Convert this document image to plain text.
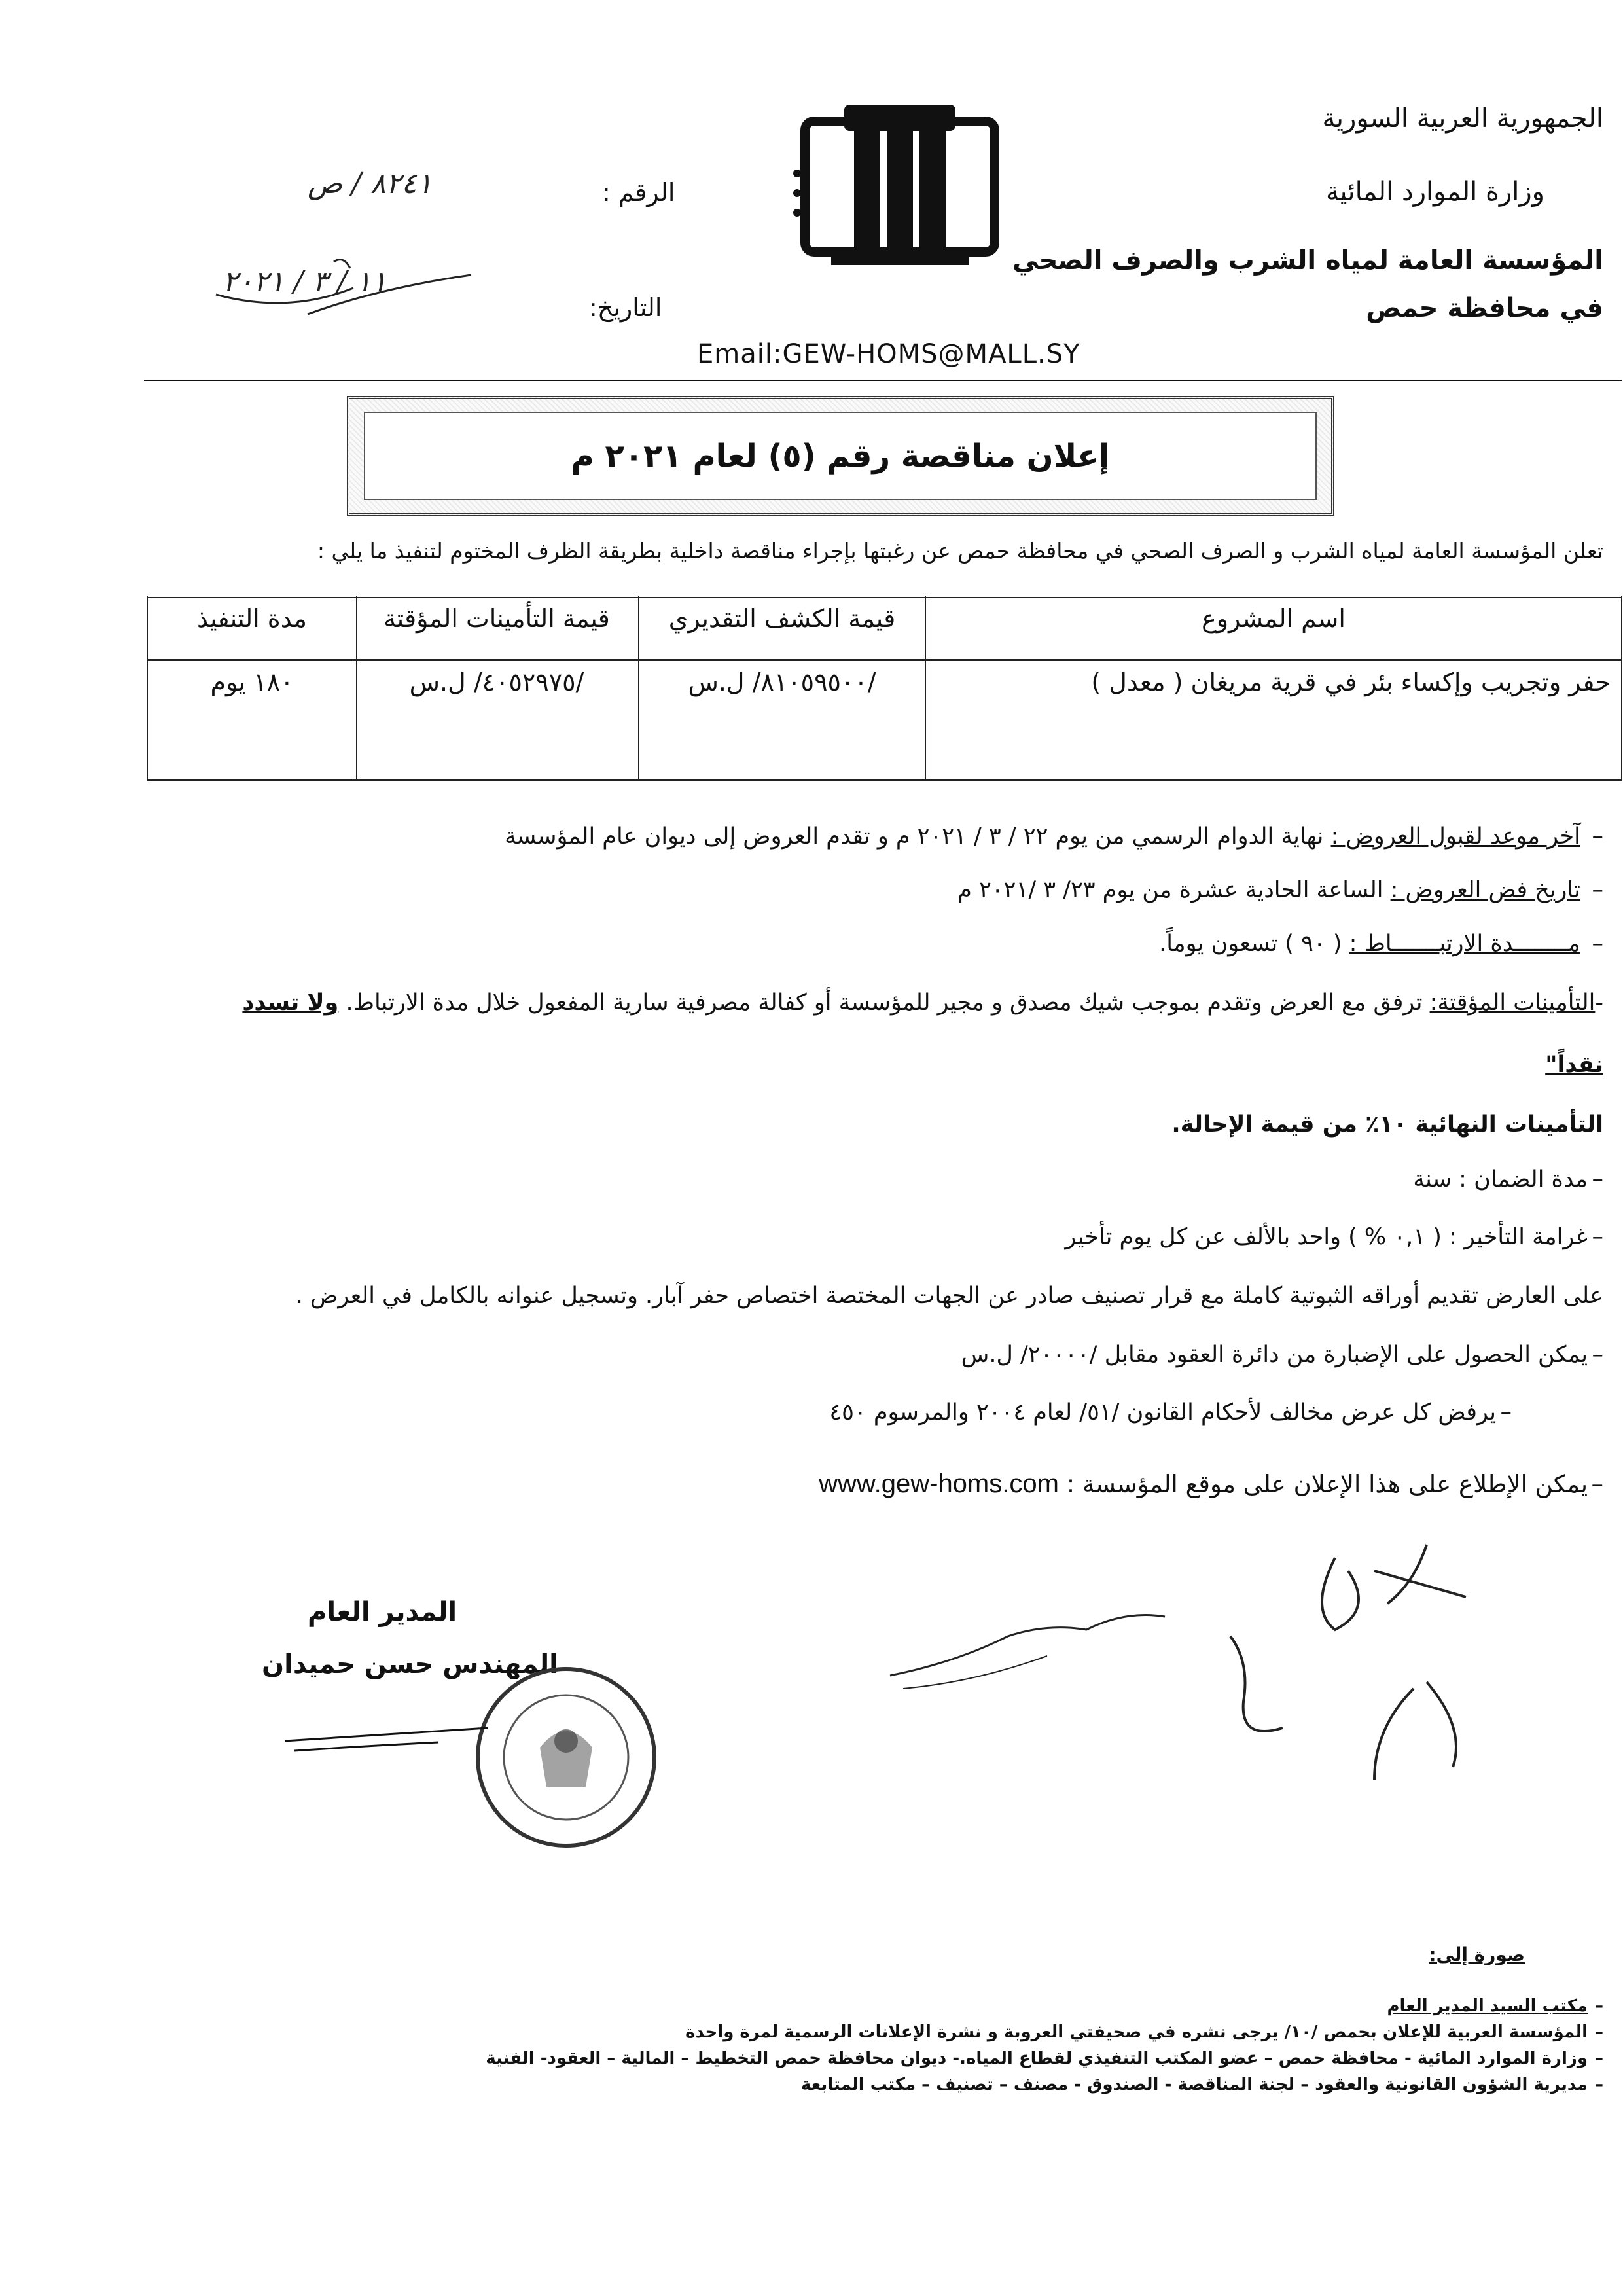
الجمهورية العربية السورية
وزارة الموارد المائية
المؤسسة العامة لمياه الشرب والصرف الصحي
في محافظة حمص
الرقم :
٨٢٤١ / ص
التاريخ:
١١ / ٣ / ٢٠٢١
Email:GEW-HOMS@MALL.SY
إعلان مناقصة رقم (٥) لعام ٢٠٢١ م
تعلن المؤسسة العامة لمياه الشرب و الصرف الصحي في محافظة حمص عن رغبتها بإجراء مناقصة داخلية بطريقة الظرف المختوم لتنفيذ ما يلي :
اسم المشروع	قيمة الكشف التقديري	قيمة التأمينات المؤقتة	مدة التنفيذ
حفر وتجريب وإكساء بئر في قرية مريغان ( معدل )	/٨١٠٥٩٥٠٠/ ل.س	/٤٠٥٢٩٧٥/ ل.س	١٨٠ يوم
– آخر موعد لقبول العروض : نهاية الدوام الرسمي من يوم ٢٢ / ٣ / ٢٠٢١ م و تقدم العروض إلى ديوان عام المؤسسة
– تاريخ فض العروض : الساعة الحادية عشرة من يوم ٢٣/ ٣ /٢٠٢١ م
– مــــــــدة الارتبـــــــاط : ( ٩٠ ) تسعون يوماً.
-التأمينات المؤقتة: ترفق مع العرض وتقدم بموجب شيك مصدق و مجير للمؤسسة أو كفالة مصرفية سارية المفعول خلال مدة الارتباط. ولا تسدد
نقداً"
التأمينات النهائية ١٠٪ من قيمة الإحالة.
–مدة الضمان : سنة
–غرامة التأخير : ( ٠,١ % ) واحد بالألف عن كل يوم تأخير
على العارض تقديم أوراقه الثبوتية كاملة مع قرار تصنيف صادر عن الجهات المختصة اختصاص حفر آبار. وتسجيل عنوانه بالكامل في العرض .
–يمكن الحصول على الإضبارة من دائرة العقود مقابل /٢٠٠٠٠/ ل.س
–يرفض كل عرض مخالف لأحكام القانون /٥١/ لعام ٢٠٠٤ والمرسوم ٤٥٠
–يمكن الإطلاع على هذا الإعلان على موقع المؤسسة : www.gew-homs.com
المدير العام
المهندس حسن حميدان
صورة إلى:
–مكتب السيد المدير العام
–المؤسسة العربية للإعلان بحمص /١٠/ يرجى نشره في صحيفتي العروبة و نشرة الإعلانات الرسمية لمرة واحدة
–وزارة الموارد المائية - محافظة حمص – عضو المكتب التنفيذي لقطاع المياه.- ديوان محافظة حمص التخطيط – المالية – العقود- الفنية
–مديرية الشؤون القانونية والعقود – لجنة المناقصة - الصندوق - مصنف – تصنيف – مكتب المتابعة
